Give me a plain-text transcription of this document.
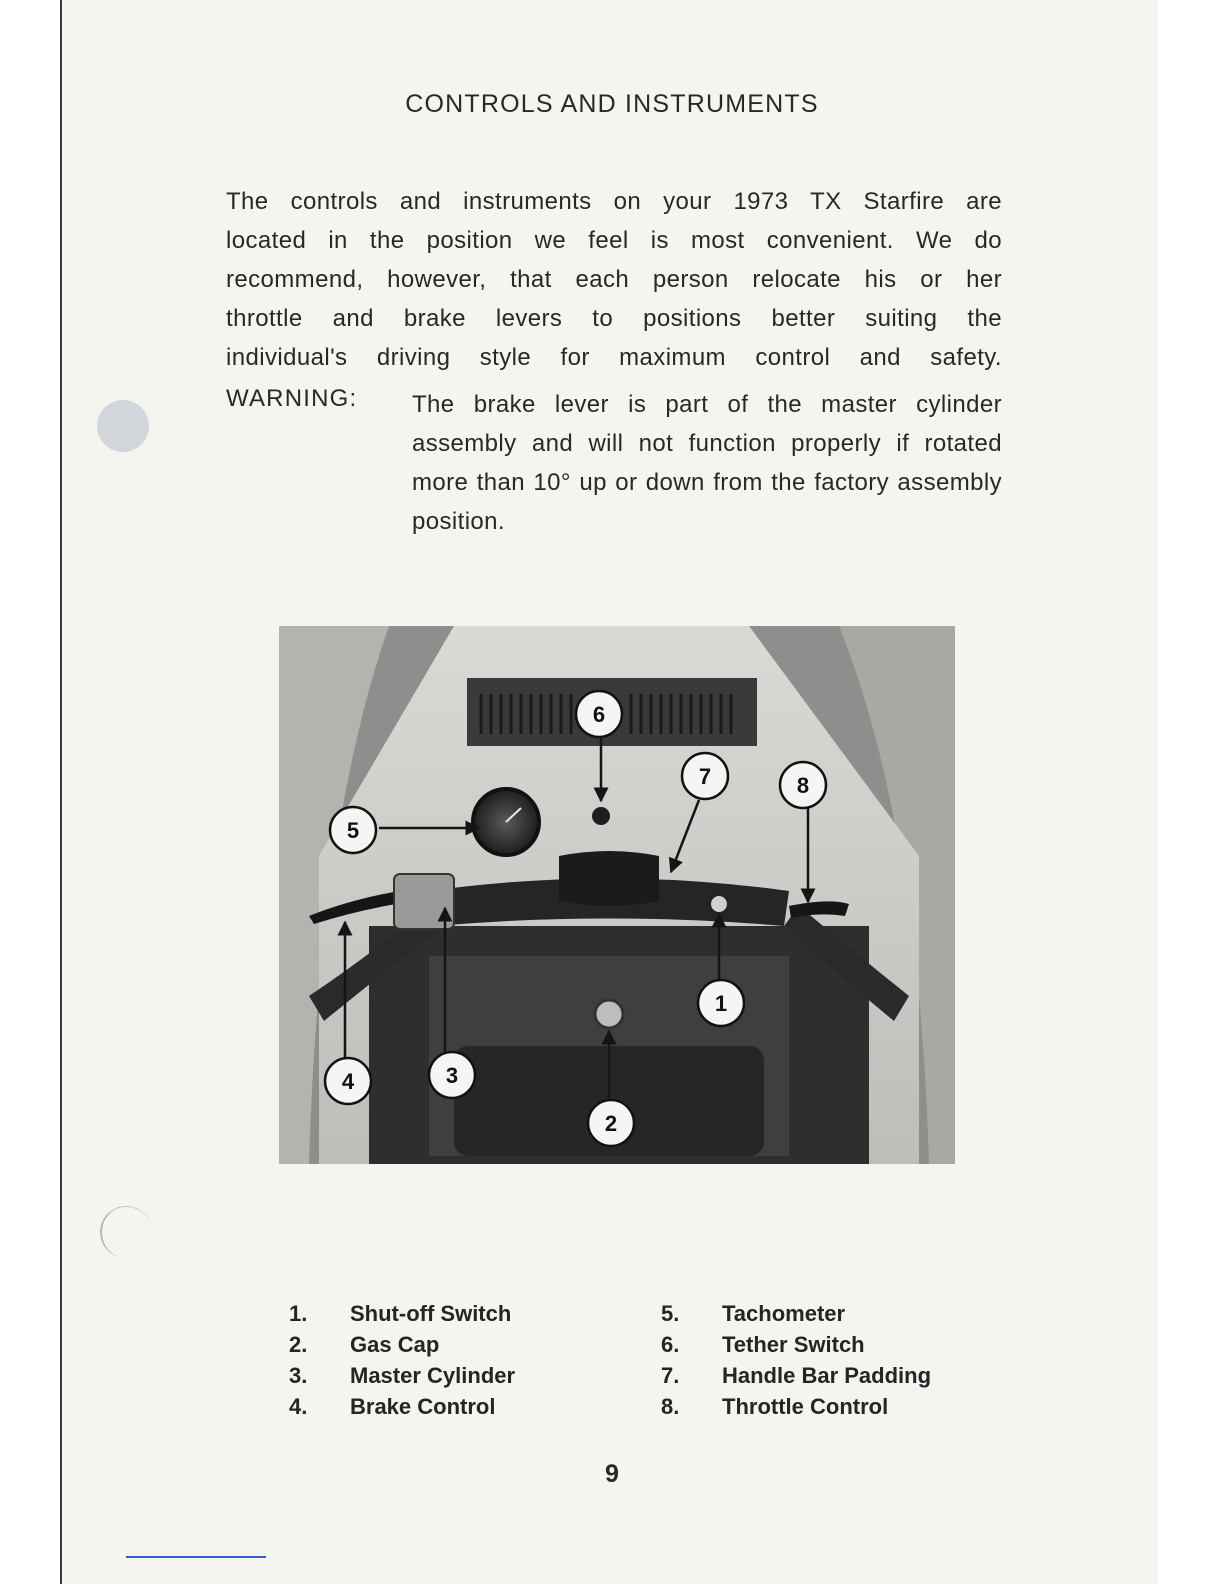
CONTROLS AND INSTRUMENTS
The controls and instruments on your 1973 TX Starfire are
located in the position we feel is most convenient. We do
recommend, however, that each person relocate his or her
throttle and brake levers to positions better suiting the
individual's driving style for maximum control and safety.
WARNING: The brake lever is part of the master cylinder assembly and will not function properly if rotated more than 10° up or down from the factory assembly position.
6
7	8
5
1
4	3
2
1. Shut-off Switch
2. Gas Cap
3. Master Cylinder
4. Brake Control
5. Tachometer
6. Tether Switch
7. Handle Bar Padding
8. Throttle Control
9
